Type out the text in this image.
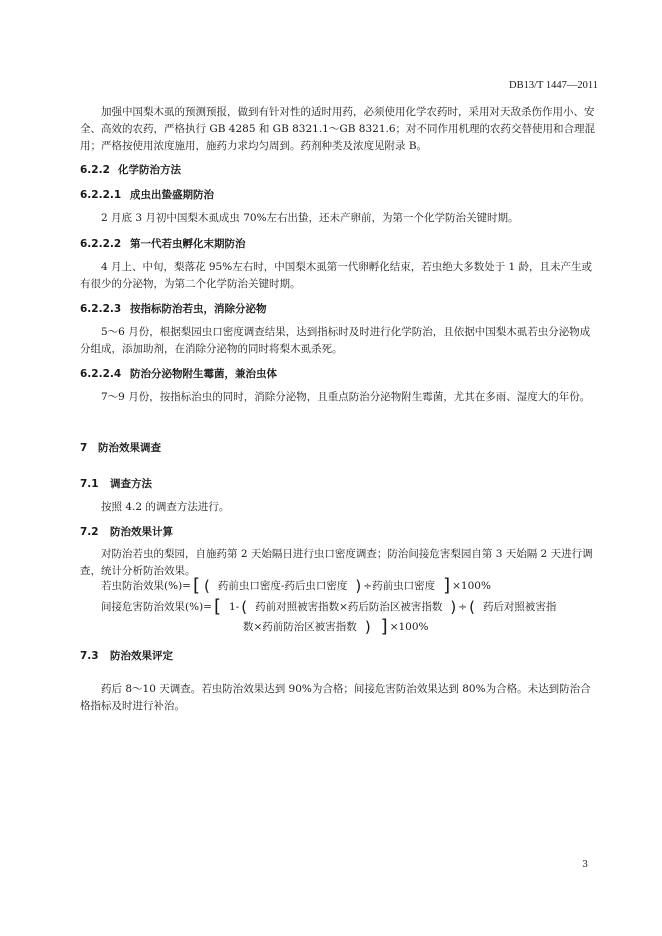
DB13/T 1447—2011

加强中国梨木虱的预测预报，做到有针对性的适时用药，必须使用化学农药时，采用对天敌杀伤作用小、安全、高效的农药，严格执行 GB 4285 和 GB 8321.1～GB 8321.6；对不同作用机理的农药交替使用和合理混用；严格按使用浓度施用，施药力求均匀周到。药剂种类及浓度见附录 B。

6.2.2 化学防治方法
6.2.2.1 成虫出蛰盛期防治

2 月底 3 月初中国梨木虱成虫 70%左右出蛰，还未产卵前，为第一个化学防治关键时期。

6.2.2.2 第一代若虫孵化末期防治

4 月上、中旬，梨落花 95%左右时，中国梨木虱第一代卵孵化结束，若虫绝大多数处于 1 龄，且未产生或有很少的分泌物，为第二个化学防治关键时期。

6.2.2.3 按指标防治若虫，消除分泌物

5～6 月份，根据梨园虫口密度调查结果，达到指标时及时进行化学防治，且依据中国梨木虱若虫分泌物成分组成，添加助剂，在消除分泌物的同时将梨木虱杀死。

6.2.2.4 防治分泌物附生霉菌，兼治虫体

7～9 月份，按指标治虫的同时，消除分泌物，且重点防治分泌物附生霉菌，尤其在多雨、湿度大的年份。

7 防治效果调查
7.1 调查方法

按照 4.2 的调查方法进行。

7.2 防治效果计算

对防治若虫的梨园，自施药第 2 天始隔日进行虫口密度调查；防治间接危害梨园自第 3 天始隔 2 天进行调查，统计分析防治效果。

若虫防治效果(%)= [ ( 药前虫口密度-药后虫口密度 ) ÷药前虫口密度 ] ×100%
间接危害防治效果(%)= [ 1- ( 药前对照被害指数×药后防治区被害指数 ) ÷ ( 药后对照被害指
数×药前防治区被害指数 ) ] ×100%
7.3 防治效果评定

药后 8～10 天调查。若虫防治效果达到 90%为合格；间接危害防治效果达到 80%为合格。未达到防治合格指标及时进行补治。

3
